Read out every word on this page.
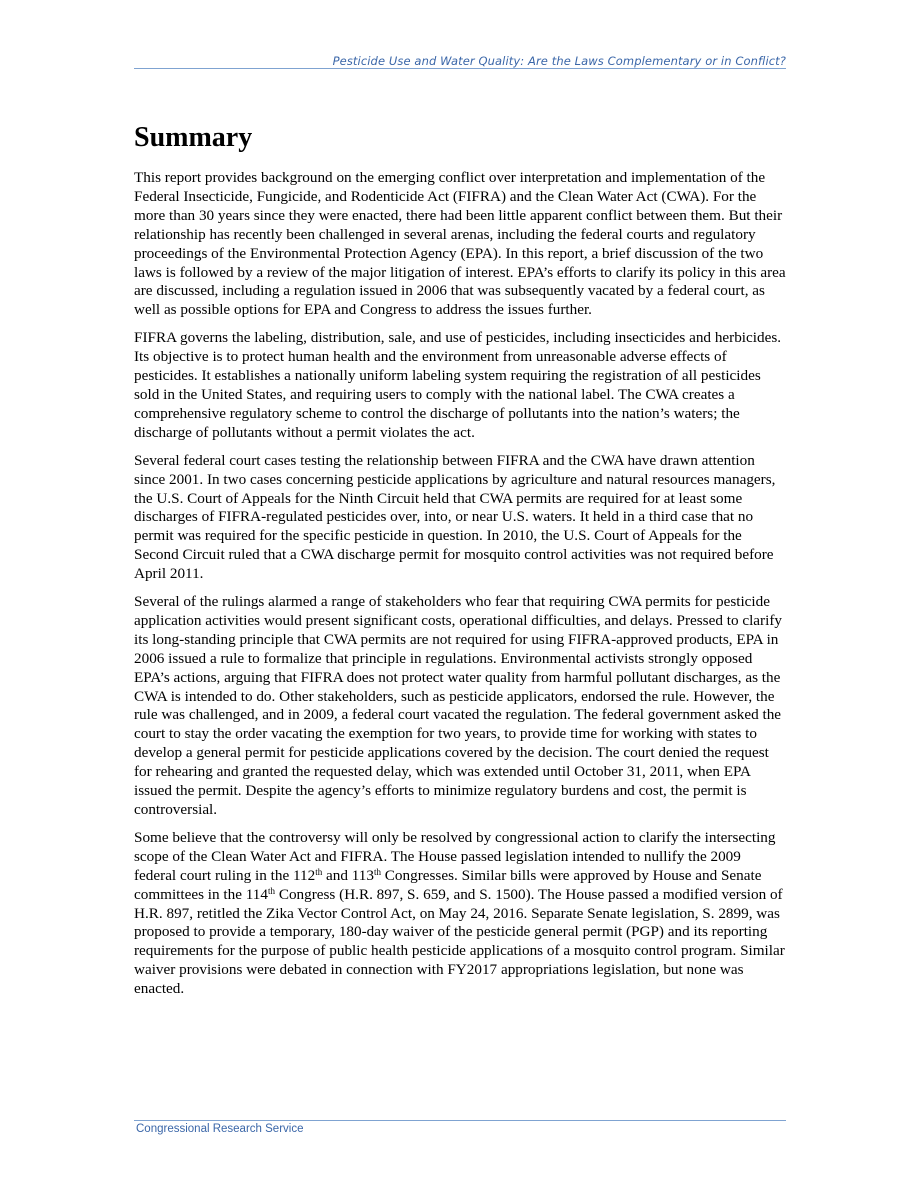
Pesticide Use and Water Quality: Are the Laws Complementary or in Conflict?
Summary

This report provides background on the emerging conflict over interpretation and implementation of the Federal Insecticide, Fungicide, and Rodenticide Act (FIFRA) and the Clean Water Act (CWA). For the more than 30 years since they were enacted, there had been little apparent conflict between them. But their relationship has recently been challenged in several arenas, including the federal courts and regulatory proceedings of the Environmental Protection Agency (EPA). In this report, a brief discussion of the two laws is followed by a review of the major litigation of interest. EPA’s efforts to clarify its policy in this area are discussed, including a regulation issued in 2006 that was subsequently vacated by a federal court, as well as possible options for EPA and Congress to address the issues further.

FIFRA governs the labeling, distribution, sale, and use of pesticides, including insecticides and herbicides. Its objective is to protect human health and the environment from unreasonable adverse effects of pesticides. It establishes a nationally uniform labeling system requiring the registration of all pesticides sold in the United States, and requiring users to comply with the national label. The CWA creates a comprehensive regulatory scheme to control the discharge of pollutants into the nation’s waters; the discharge of pollutants without a permit violates the act.

Several federal court cases testing the relationship between FIFRA and the CWA have drawn attention since 2001. In two cases concerning pesticide applications by agriculture and natural resources managers, the U.S. Court of Appeals for the Ninth Circuit held that CWA permits are required for at least some discharges of FIFRA-regulated pesticides over, into, or near U.S. waters. It held in a third case that no permit was required for the specific pesticide in question. In 2010, the U.S. Court of Appeals for the Second Circuit ruled that a CWA discharge permit for mosquito control activities was not required before April 2011.

Several of the rulings alarmed a range of stakeholders who fear that requiring CWA permits for pesticide application activities would present significant costs, operational difficulties, and delays. Pressed to clarify its long-standing principle that CWA permits are not required for using FIFRA-approved products, EPA in 2006 issued a rule to formalize that principle in regulations. Environmental activists strongly opposed EPA’s actions, arguing that FIFRA does not protect water quality from harmful pollutant discharges, as the CWA is intended to do. Other stakeholders, such as pesticide applicators, endorsed the rule. However, the rule was challenged, and in 2009, a federal court vacated the regulation. The federal government asked the court to stay the order vacating the exemption for two years, to provide time for working with states to develop a general permit for pesticide applications covered by the decision. The court denied the request for rehearing and granted the requested delay, which was extended until October 31, 2011, when EPA issued the permit. Despite the agency’s efforts to minimize regulatory burdens and cost, the permit is controversial.

Some believe that the controversy will only be resolved by congressional action to clarify the intersecting scope of the Clean Water Act and FIFRA. The House passed legislation intended to nullify the 2009 federal court ruling in the 112th and 113th Congresses. Similar bills were approved by House and Senate committees in the 114th Congress (H.R. 897, S. 659, and S. 1500). The House passed a modified version of H.R. 897, retitled the Zika Vector Control Act, on May 24, 2016. Separate Senate legislation, S. 2899, was proposed to provide a temporary, 180-day waiver of the pesticide general permit (PGP) and its reporting requirements for the purpose of public health pesticide applications of a mosquito control program. Similar waiver provisions were debated in connection with FY2017 appropriations legislation, but none was enacted.

Congressional Research Service
